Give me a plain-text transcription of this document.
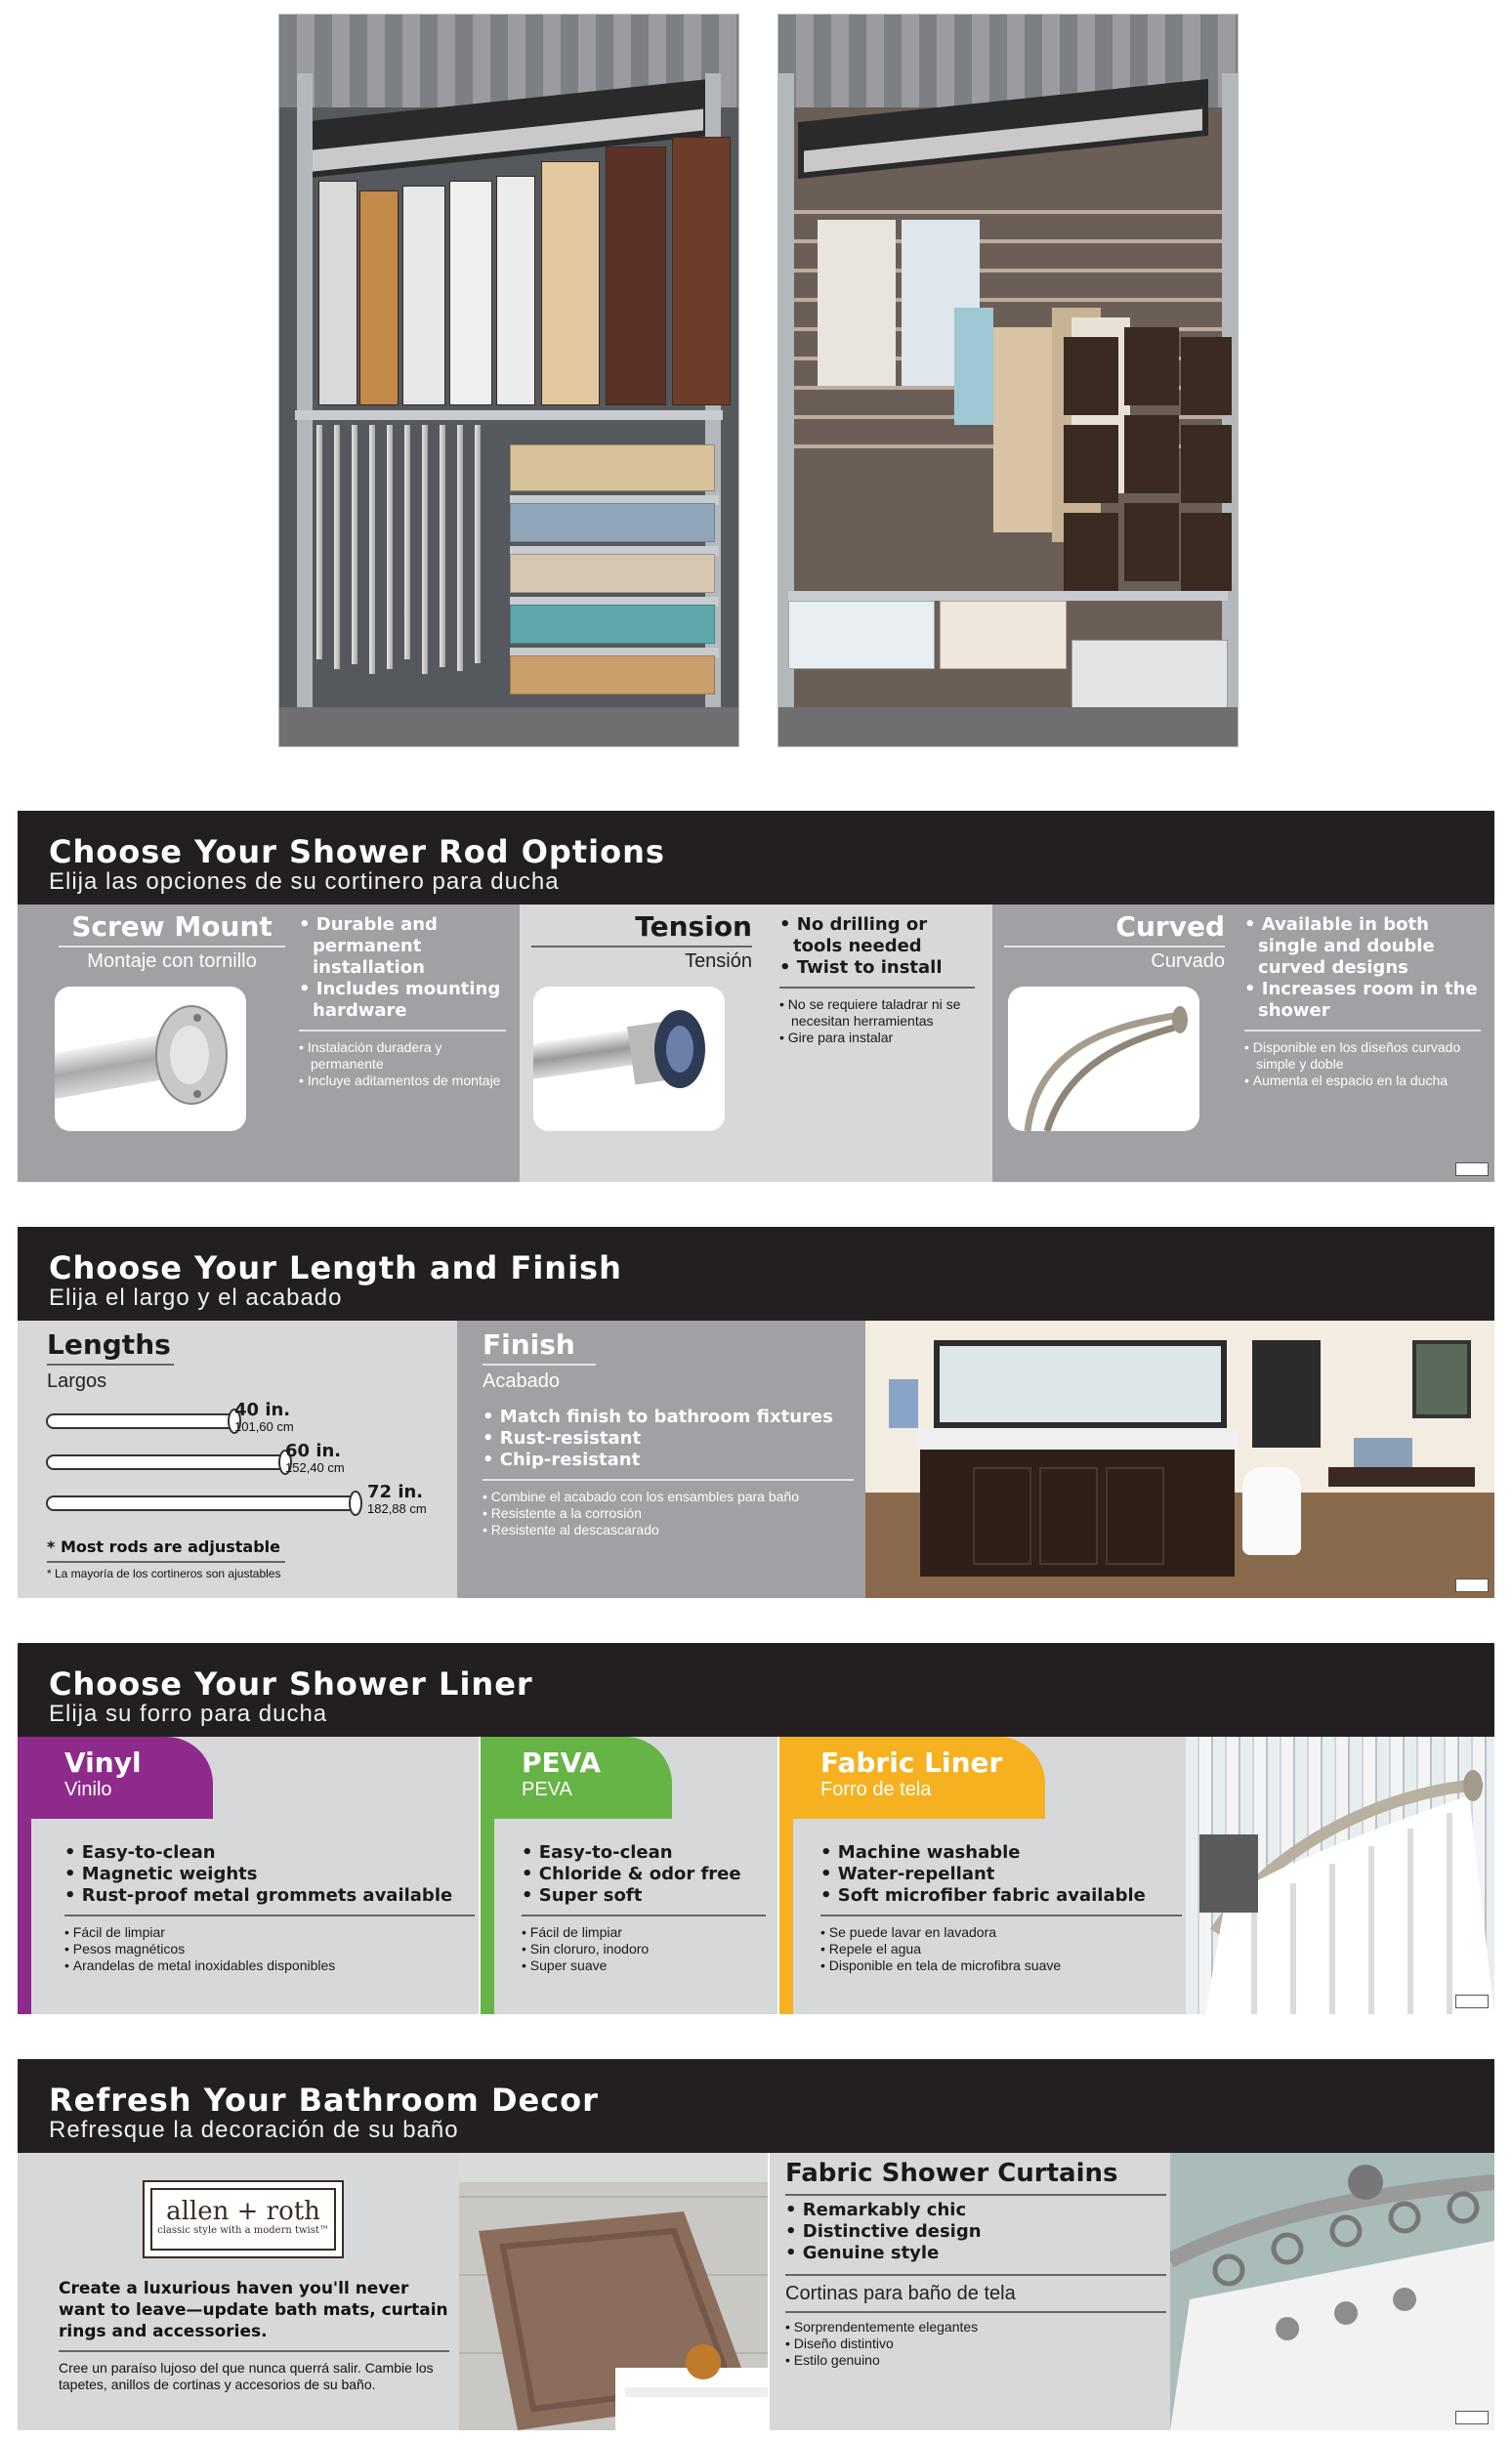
Choose Your Shower Rod Options
Elija las opciones de su cortinero para ducha
Screw Mount
Montaje con tornillo
• Durable and permanent installation
• Includes mounting hardware
• Instalación duradera y permanente
• Incluye aditamentos de montaje
Tension
Tensión
• No drilling or tools needed
• Twist to install
• No se requiere taladrar ni se necesitan herramientas
• Gire para instalar
Curved
Curvado
• Available in both single and double curved designs
• Increases room in the shower
• Disponible en los diseños curvado simple y doble
• Aumenta el espacio en la ducha
Choose Your Length and Finish
Elija el largo y el acabado
Lengths
Largos
40 in.
101,60 cm
60 in.
152,40 cm
72 in.
182,88 cm
* Most rods are adjustable
* La mayoría de los cortineros son ajustables
Finish
Acabado
• Match finish to bathroom fixtures
• Rust-resistant
• Chip-resistant
• Combine el acabado con los ensambles para baño
• Resistente a la corrosión
• Resistente al descascarado
Choose Your Shower Liner
Elija su forro para ducha
Vinyl
Vinilo
• Easy-to-clean
• Magnetic weights
• Rust-proof metal grommets available
• Fácil de limpiar
• Pesos magnéticos
• Arandelas de metal inoxidables disponibles
PEVA
PEVA
• Easy-to-clean
• Chloride & odor free
• Super soft
• Fácil de limpiar
• Sin cloruro, inodoro
• Super suave
Fabric Liner
Forro de tela
• Machine washable
• Water-repellant
• Soft microfiber fabric available
• Se puede lavar en lavadora
• Repele el agua
• Disponible en tela de microfibra suave
Refresh Your Bathroom Decor
Refresque la decoración de su baño
allen + roth
classic style with a modern twist™
Create a luxurious haven you'll never want to leave—update bath mats, curtain rings and accessories.
Cree un paraíso lujoso del que nunca querrá salir. Cambie los tapetes, anillos de cortinas y accesorios de su baño.
Fabric Shower Curtains
• Remarkably chic
• Distinctive design
• Genuine style
Cortinas para baño de tela
• Sorprendentemente elegantes
• Diseño distintivo
• Estilo genuino
